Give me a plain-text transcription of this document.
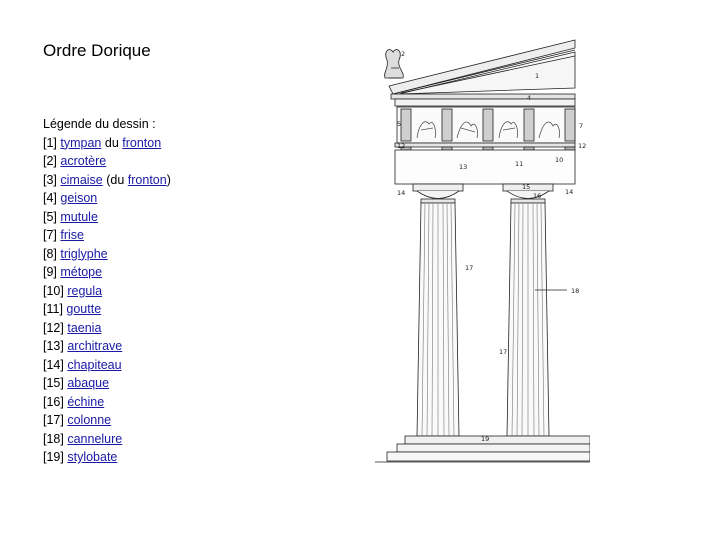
Ordre Dorique
Légende du dessin :
[1] tympan du fronton
[2] acrotère
[3] cimaise (du fronton)
[4] geison
[5] mutule
[7] frise
[8] triglyphe
[9] métope
[10] regula
[11] goutte
[12] taenia
[13] architrave
[14] chapiteau
[15] abaque
[16] échine
[17] colonne
[18] cannelure
[19] stylobate
2
1
4
5	7
12	12
10
11
13
14	14
15
16
17
17
18
19
